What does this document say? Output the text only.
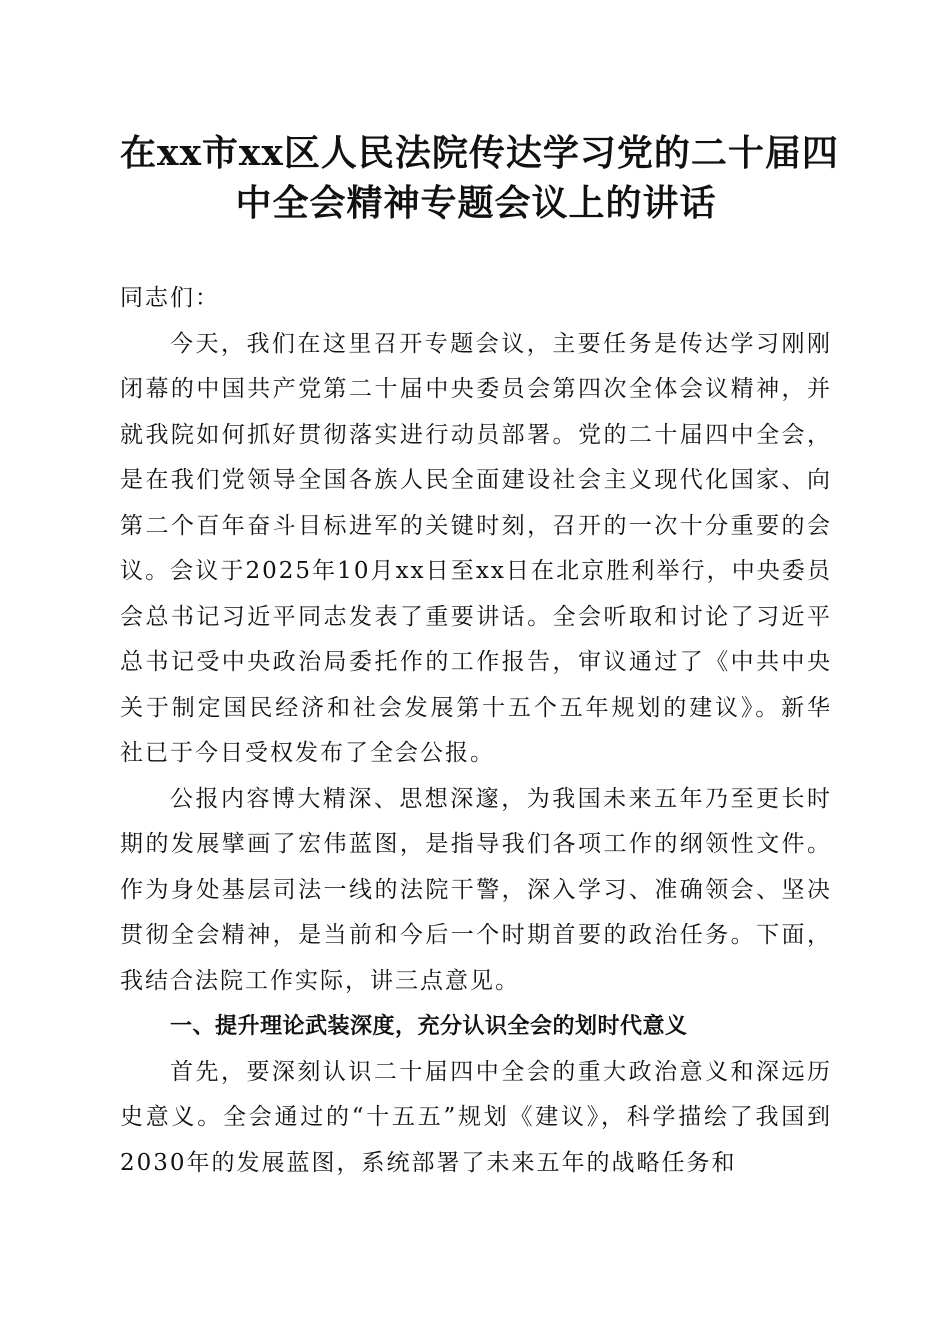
在xx市xx区人民法院传达学习党的二十届四
中全会精神专题会议上的讲话

同志们：

今天，我们在这里召开专题会议，主要任务是传达学习刚刚闭幕的中国共产党第二十届中央委员会第四次全体会议精神，并就我院如何抓好贯彻落实进行动员部署。党的二十届四中全会，是在我们党领导全国各族人民全面建设社会主义现代化国家、向第二个百年奋斗目标进军的关键时刻，召开的一次十分重要的会议。会议于2025年10月xx日至xx日在北京胜利举行，中央委员会总书记习近平同志发表了重要讲话。全会听取和讨论了习近平总书记受中央政治局委托作的工作报告，审议通过了《中共中央关于制定国民经济和社会发展第十五个五年规划的建议》。新华社已于今日受权发布了全会公报。

公报内容博大精深、思想深邃，为我国未来五年乃至更长时期的发展擘画了宏伟蓝图，是指导我们各项工作的纲领性文件。作为身处基层司法一线的法院干警，深入学习、准确领会、坚决贯彻全会精神，是当前和今后一个时期首要的政治任务。下面，我结合法院工作实际，讲三点意见。

一、提升理论武装深度，充分认识全会的划时代意义

首先，要深刻认识二十届四中全会的重大政治意义和深远历史意义。全会通过的“十五五”规划《建议》，科学描绘了我国到2030年的发展蓝图，系统部署了未来五年的战略任务和
